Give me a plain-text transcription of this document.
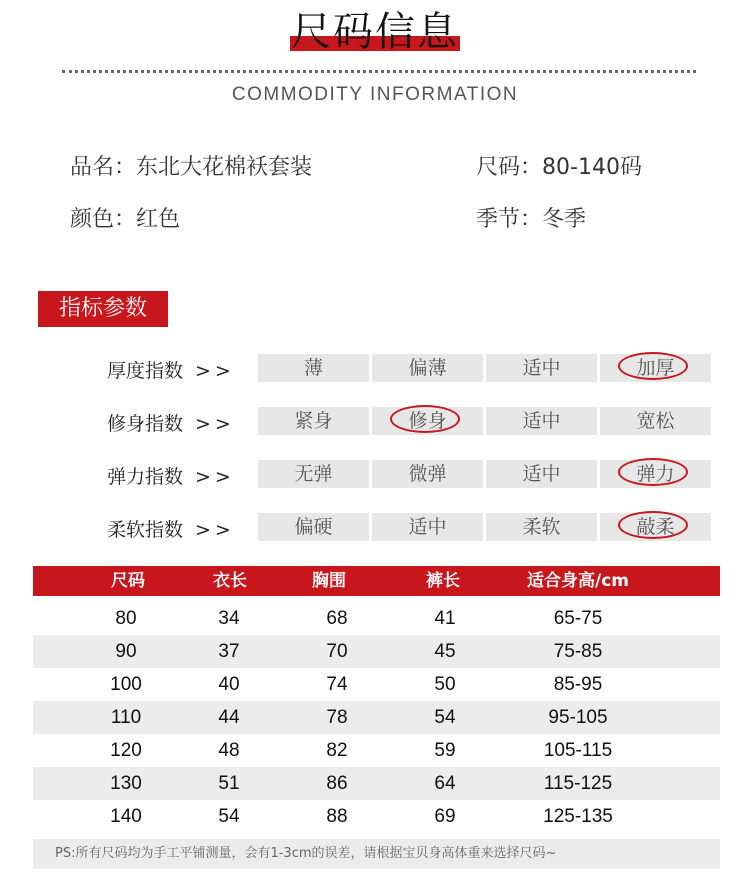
尺码信息
COMMODITY INFORMATION
品名：东北大花棉袄套装	尺码：80-140码
颜色：红色	季节：冬季
指标参数
厚度指数 >>	薄	偏薄	适中	加厚
修身指数 >>	紧身	修身	适中	宽松
弹力指数 >>	无弹	微弹	适中	弹力
柔软指数 >>	偏硬	适中	柔软	敲柔
尺码	衣长	胸围	裤长	适合身高/cm
80	34	68	41	65-75
90	37	70	45	75-85
100	40	74	50	85-95
110	44	78	54	95-105
120	48	82	59	105-115
130	51	86	64	115-125
140	54	88	69	125-135
PS:所有尺码均为手工平铺测量，会有1-3cm的误差，请根据宝贝身高体重来选择尺码~
